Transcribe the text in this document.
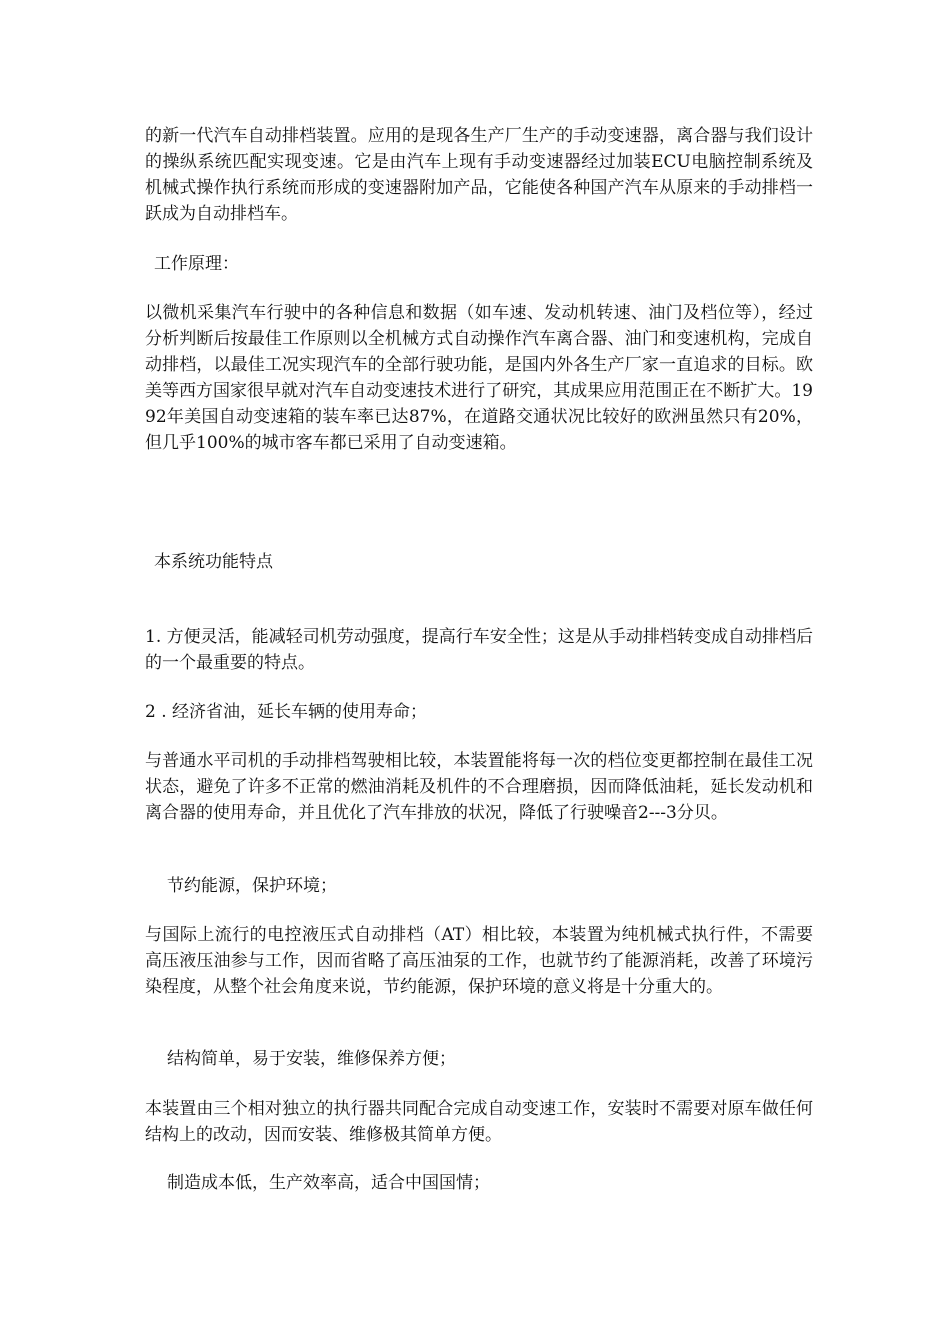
的新一代汽车自动排档装置。应用的是现各生产厂生产的手动变速器，离合器与我们设计的操纵系统匹配实现变速。它是由汽车上现有手动变速器经过加装ECU电脑控制系统及机械式操作执行系统而形成的变速器附加产品，它能使各种国产汽车从原来的手动排档一跃成为自动排档车。

工作原理：

以微机采集汽车行驶中的各种信息和数据（如车速、发动机转速、油门及档位等），经过分析判断后按最佳工作原则以全机械方式自动操作汽车离合器、油门和变速机构，完成自动排档，以最佳工况实现汽车的全部行驶功能，是国内外各生产厂家一直追求的目标。欧美等西方国家很早就对汽车自动变速技术进行了研究，其成果应用范围正在不断扩大。1992年美国自动变速箱的装车率已达87%，在道路交通状况比较好的欧洲虽然只有20%，但几乎100%的城市客车都已采用了自动变速箱。

本系统功能特点

1. 方便灵活，能减轻司机劳动强度，提高行车安全性；这是从手动排档转变成自动排档后的一个最重要的特点。

2 . 经济省油，延长车辆的使用寿命；

与普通水平司机的手动排档驾驶相比较，本装置能将每一次的档位变更都控制在最佳工况状态，避免了许多不正常的燃油消耗及机件的不合理磨损，因而降低油耗，延长发动机和离合器的使用寿命，并且优化了汽车排放的状况，降低了行驶噪音2---3分贝。

节约能源，保护环境；

与国际上流行的电控液压式自动排档（AT）相比较，本装置为纯机械式执行件，不需要高压液压油参与工作，因而省略了高压油泵的工作，也就节约了能源消耗，改善了环境污染程度，从整个社会角度来说，节约能源，保护环境的意义将是十分重大的。

结构简单，易于安装，维修保养方便；

本装置由三个相对独立的执行器共同配合完成自动变速工作，安装时不需要对原车做任何结构上的改动，因而安装、维修极其简单方便。

制造成本低，生产效率高，适合中国国情；
